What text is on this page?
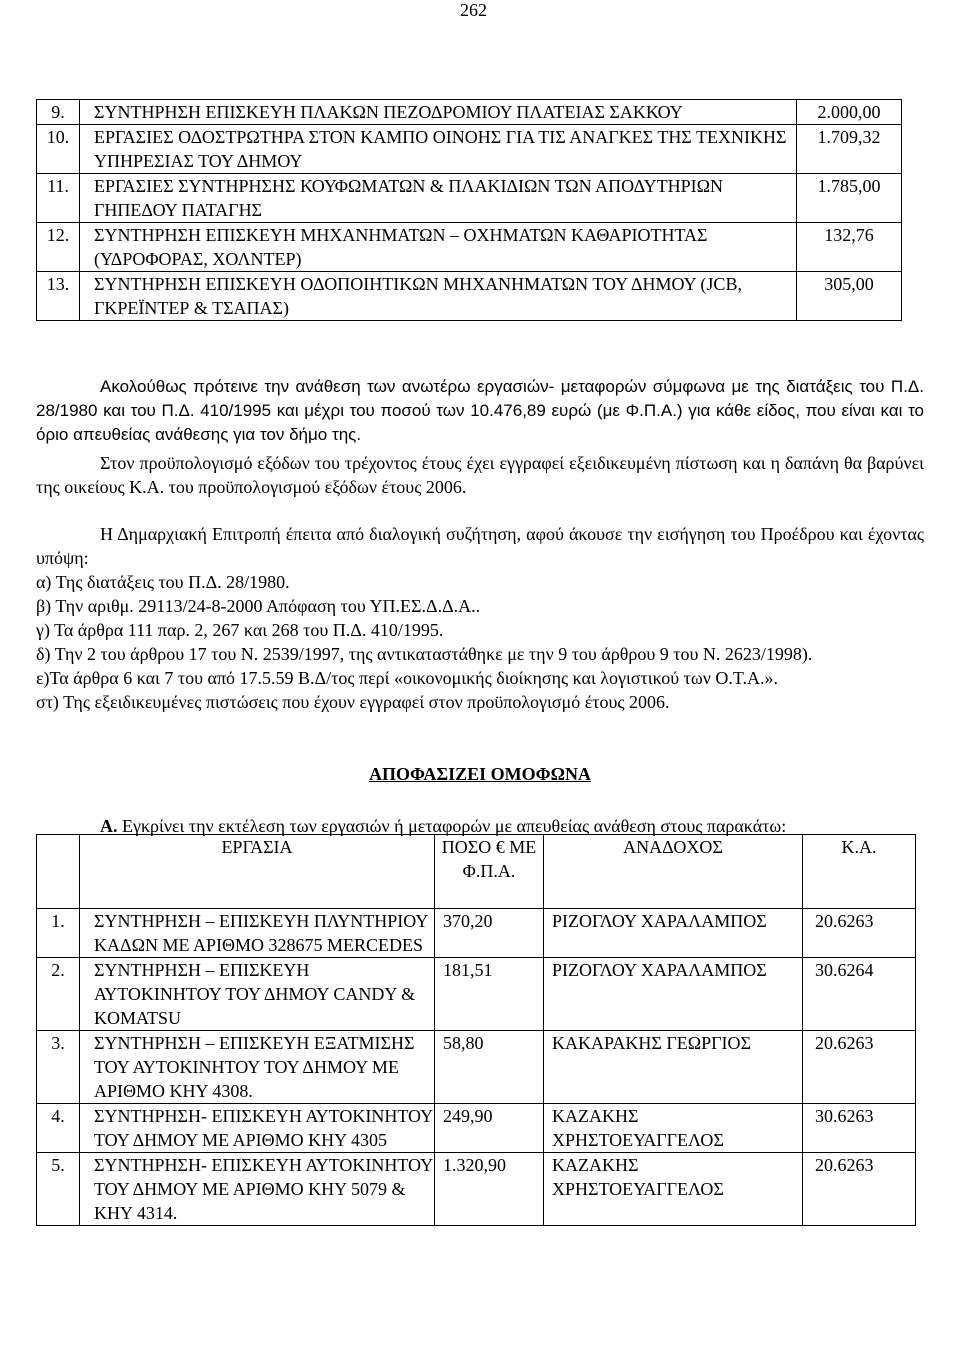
262
9.	ΣΥΝΤΗΡΗΣΗ ΕΠΙΣΚΕΥΗ ΠΛΑΚΩΝ ΠΕΖΟΔΡΟΜΙΟΥ ΠΛΑΤΕΙΑΣ ΣΑΚΚΟΥ	2.000,00
10.	ΕΡΓΑΣΙΕΣ ΟΔΟΣΤΡΩΤΗΡΑ ΣΤΟΝ ΚΑΜΠΟ ΟΙΝΟΗΣ ΓΙΑ ΤΙΣ ΑΝΑΓΚΕΣ ΤΗΣ ΤΕΧΝΙΚΗΣ ΥΠΗΡΕΣΙΑΣ ΤΟΥ ΔΗΜΟΥ	1.709,32
11.	ΕΡΓΑΣΙΕΣ ΣΥΝΤΗΡΗΣΗΣ ΚΟΥΦΩΜΑΤΩΝ & ΠΛΑΚΙΔΙΩΝ ΤΩΝ ΑΠΟΔΥΤΗΡΙΩΝ ΓΗΠΕΔΟΥ ΠΑΤΑΓΗΣ	1.785,00
12.	ΣΥΝΤΗΡΗΣΗ ΕΠΙΣΚΕΥΗ ΜΗΧΑΝΗΜΑΤΩΝ – ΟΧΗΜΑΤΩΝ ΚΑΘΑΡΙΟΤΗΤΑΣ (ΥΔΡΟΦΟΡΑΣ, ΧΟΛΝΤΕΡ)	132,76
13.	ΣΥΝΤΗΡΗΣΗ ΕΠΙΣΚΕΥΗ ΟΔΟΠΟΙΗΤΙΚΩΝ ΜΗΧΑΝΗΜΑΤΩΝ ΤΟΥ ΔΗΜΟΥ (JCB, ΓΚΡΕΪΝΤΕΡ & ΤΣΑΠΑΣ)	305,00
Ακολούθως πρότεινε την ανάθεση των ανωτέρω εργασιών- μεταφορών σύμφωνα με της διατάξεις του Π.Δ. 28/1980 και του Π.Δ. 410/1995 και μέχρι του ποσού των 10.476,89 ευρώ (με Φ.Π.Α.) για κάθε είδος, που είναι και το όριο απευθείας ανάθεσης για τον δήμο της.
Στον προϋπολογισμό εξόδων του τρέχοντος έτους έχει εγγραφεί εξειδικευμένη πίστωση και η δαπάνη θα βαρύνει της οικείους Κ.Α. του προϋπολογισμού εξόδων έτους 2006.
Η Δημαρχιακή Επιτροπή έπειτα από διαλογική συζήτηση, αφού άκουσε την εισήγηση του Προέδρου και έχοντας υπόψη:
α) Της διατάξεις του Π.Δ. 28/1980.
β) Την αριθμ. 29113/24-8-2000 Απόφαση του ΥΠ.ΕΣ.Δ.Δ.Α..
γ) Τα άρθρα 111 παρ. 2, 267 και 268 του Π.Δ. 410/1995.
δ) Την 2 του άρθρου 17 του Ν. 2539/1997, της αντικαταστάθηκε με την 9 του άρθρου 9 του Ν. 2623/1998).
ε)Τα άρθρα 6 και 7 του από 17.5.59 Β.Δ/τος περί «οικονομικής διοίκησης και λογιστικού των Ο.Τ.Α.».
στ) Της εξειδικευμένες πιστώσεις που έχουν εγγραφεί στον προϋπολογισμό έτους 2006.
ΑΠΟΦΑΣΙΖΕΙ ΟΜΟΦΩΝΑ
Α. Εγκρίνει την εκτέλεση των εργασιών ή μεταφορών με απευθείας ανάθεση στους παρακάτω:
	ΕΡΓΑΣΙΑ	ΠΟΣΟ € ΜΕ Φ.Π.Α.	ΑΝΑΔΟΧΟΣ	Κ.Α.
1.	ΣΥΝΤΗΡΗΣΗ – ΕΠΙΣΚΕΥΗ ΠΛΥΝΤΗΡΙΟΥ ΚΑΔΩΝ ΜΕ ΑΡΙΘΜΟ 328675 MERCEDES	370,20	ΡΙΖΟΓΛΟΥ ΧΑΡΑΛΑΜΠΟΣ	20.6263
2.	ΣΥΝΤΗΡΗΣΗ – ΕΠΙΣΚΕΥΗ ΑΥΤΟΚΙΝΗΤΟΥ ΤΟΥ ΔΗΜΟΥ CANDY & KOMATSU	181,51	ΡΙΖΟΓΛΟΥ ΧΑΡΑΛΑΜΠΟΣ	30.6264
3.	ΣΥΝΤΗΡΗΣΗ – ΕΠΙΣΚΕΥΗ ΕΞΑΤΜΙΣΗΣ ΤΟΥ ΑΥΤΟΚΙΝΗΤΟΥ ΤΟΥ ΔΗΜΟΥ ΜΕ ΑΡΙΘΜΟ ΚΗΥ 4308.	58,80	ΚΑΚΑΡΑΚΗΣ ΓΕΩΡΓΙΟΣ	20.6263
4.	ΣΥΝΤΗΡΗΣΗ- ΕΠΙΣΚΕΥΗ ΑΥΤΟΚΙΝΗΤΟΥ ΤΟΥ ΔΗΜΟΥ ΜΕ ΑΡΙΘΜΟ ΚΗΥ 4305	249,90	ΚΑΖΑΚΗΣ ΧΡΗΣΤΟΕΥΑΓΓΕΛΟΣ	30.6263
5.	ΣΥΝΤΗΡΗΣΗ- ΕΠΙΣΚΕΥΗ ΑΥΤΟΚΙΝΗΤΟΥ ΤΟΥ ΔΗΜΟΥ ΜΕ ΑΡΙΘΜΟ ΚΗΥ 5079 & ΚΗΥ 4314.	1.320,90	ΚΑΖΑΚΗΣ ΧΡΗΣΤΟΕΥΑΓΓΕΛΟΣ	20.6263
